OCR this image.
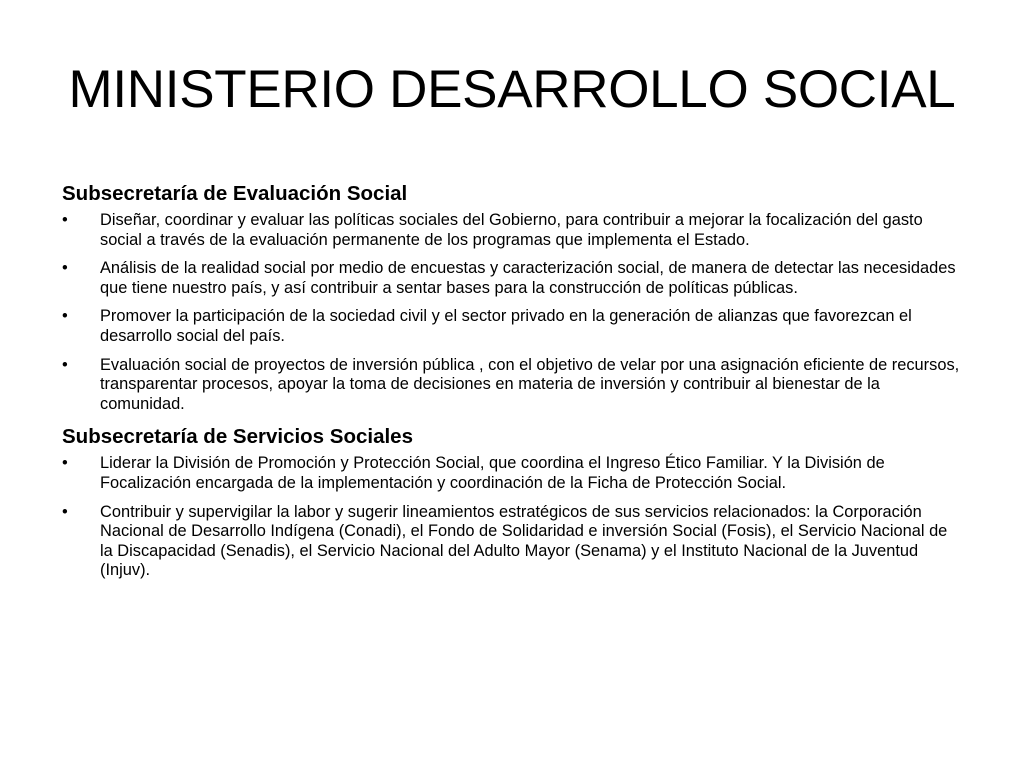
MINISTERIO DESARROLLO SOCIAL
Subsecretaría de Evaluación Social
•	Diseñar, coordinar y evaluar las políticas sociales del Gobierno, para contribuir a mejorar la focalización del gasto social a través de la evaluación permanente de los programas que implementa el Estado.
•	Análisis de la realidad social por medio de encuestas y caracterización social, de manera de detectar las necesidades que tiene nuestro país, y así contribuir a sentar bases para la construcción de políticas públicas.
•	Promover la participación de la sociedad civil y el sector privado en la generación de alianzas que favorezcan el desarrollo social del país.
•	Evaluación social de proyectos de inversión pública , con el objetivo de velar por una asignación eficiente de recursos, transparentar procesos, apoyar la toma de decisiones en materia de inversión y contribuir al bienestar de la comunidad.
Subsecretaría de Servicios Sociales
•	Liderar la División de Promoción y Protección Social, que coordina el Ingreso Ético Familiar. Y la División de Focalización encargada de la implementación y coordinación de la Ficha de Protección Social.
•	Contribuir y supervigilar la labor y sugerir lineamientos estratégicos de sus servicios relacionados: la Corporación Nacional de Desarrollo Indígena (Conadi), el Fondo de Solidaridad e inversión Social (Fosis), el Servicio Nacional de la Discapacidad (Senadis), el Servicio Nacional del Adulto Mayor (Senama) y el Instituto Nacional de la Juventud (Injuv).
